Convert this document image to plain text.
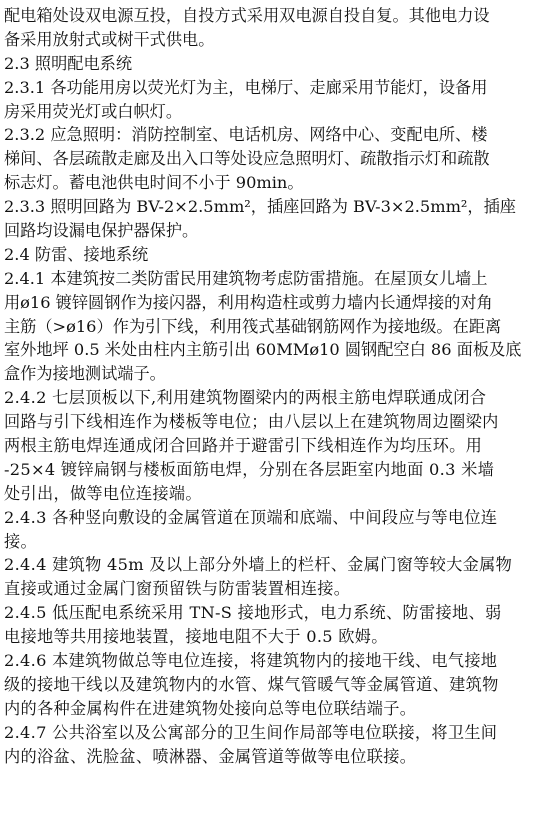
配电箱处设双电源互投，自投方式采用双电源自投自复。其他电力设
备采用放射式或树干式供电。
2.3 照明配电系统
2.3.1 各功能用房以荧光灯为主，电梯厅、走廊采用节能灯，设备用
房采用荧光灯或白帜灯。
2.3.2 应急照明：消防控制室、电话机房、网络中心、变配电所、楼
梯间、各层疏散走廊及出入口等处设应急照明灯、疏散指示灯和疏散
标志灯。蓄电池供电时间不小于 90min。
2.3.3 照明回路为 BV-2×2.5mm²，插座回路为 BV-3×2.5mm²，插座
回路均设漏电保护器保护。
2.4 防雷、接地系统
2.4.1 本建筑按二类防雷民用建筑物考虑防雷措施。在屋顶女儿墙上
用ø16 镀锌圆钢作为接闪器，利用构造柱或剪力墙内长通焊接的对角
主筋（>ø16）作为引下线，利用筏式基础钢筋网作为接地级。在距离
室外地坪 0.5 米处由柱内主筋引出 60MMø10 圆钢配空白 86 面板及底
盒作为接地测试端子。
2.4.2 七层顶板以下,利用建筑物圈梁内的两根主筋电焊联通成闭合
回路与引下线相连作为楼板等电位；由八层以上在建筑物周边圈梁内
两根主筋电焊连通成闭合回路并于避雷引下线相连作为均压环。用
-25×4 镀锌扁钢与楼板面筋电焊，分别在各层距室内地面 0.3 米墙
处引出，做等电位连接端。
2.4.3 各种竖向敷设的金属管道在顶端和底端、中间段应与等电位连
接。
2.4.4 建筑物 45m 及以上部分外墙上的栏杆、金属门窗等较大金属物
直接或通过金属门窗预留铁与防雷装置相连接。
2.4.5 低压配电系统采用 TN-S 接地形式，电力系统、防雷接地、弱
电接地等共用接地装置，接地电阻不大于 0.5 欧姆。
2.4.6 本建筑物做总等电位连接，将建筑物内的接地干线、电气接地
级的接地干线以及建筑物内的水管、煤气管暖气等金属管道、建筑物
内的各种金属构件在进建筑物处接向总等电位联结端子。
2.4.7 公共浴室以及公寓部分的卫生间作局部等电位联接，将卫生间
内的浴盆、洗脸盆、喷淋器、金属管道等做等电位联接。
